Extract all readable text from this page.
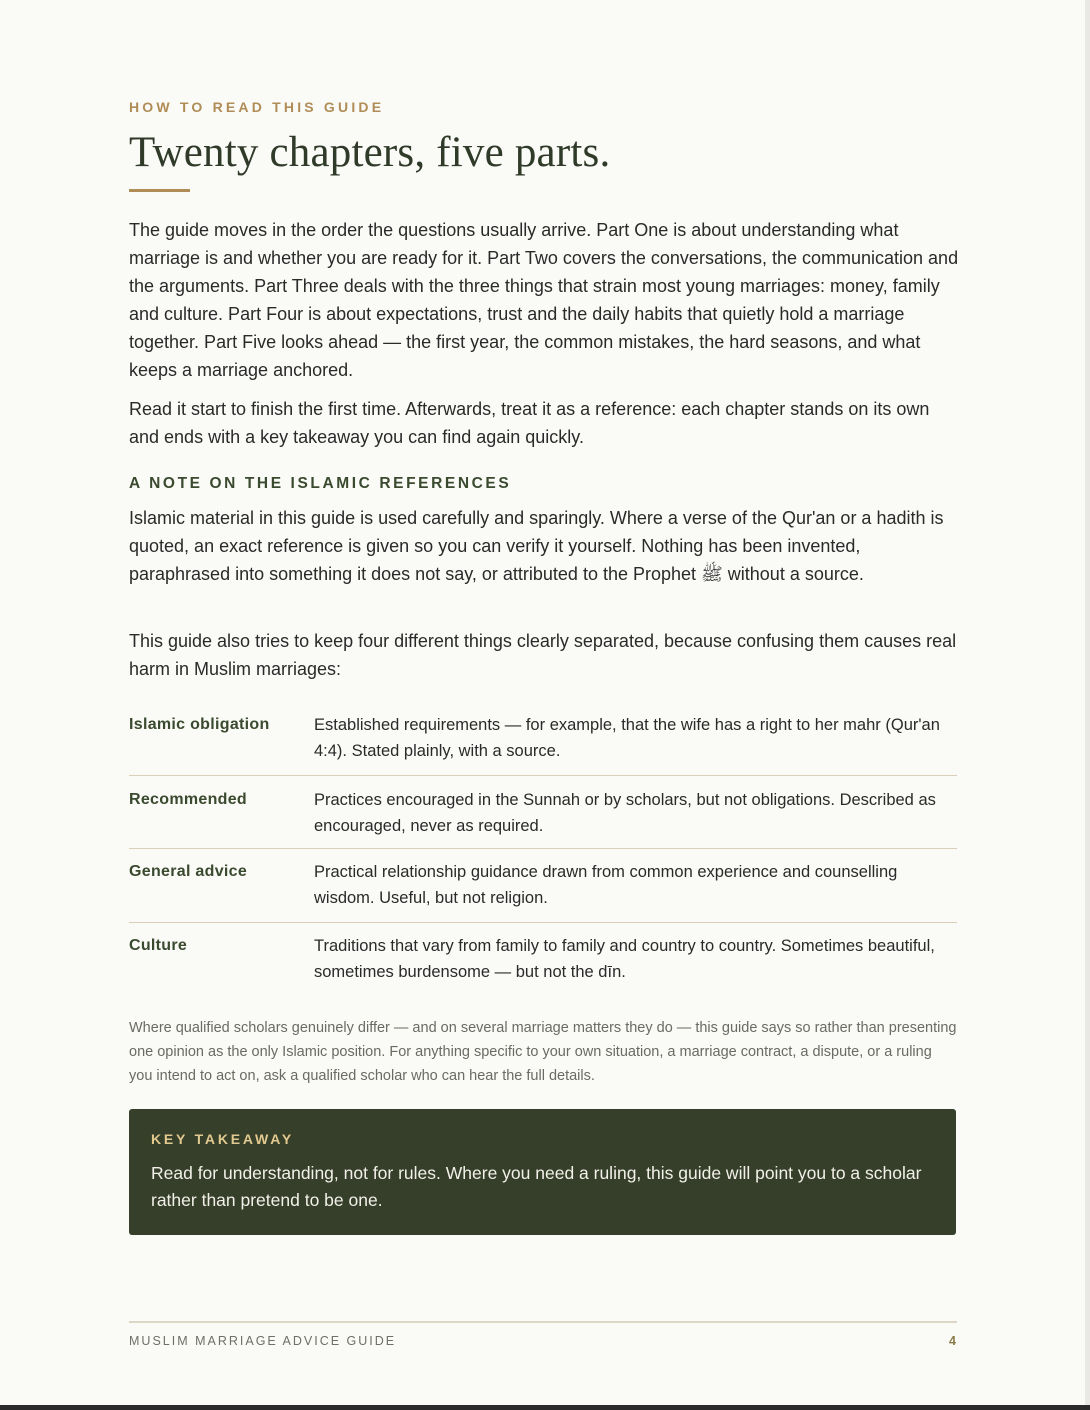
HOW TO READ THIS GUIDE
Twenty chapters, five parts.

The guide moves in the order the questions usually arrive. Part One is about understanding what marriage is and whether you are ready for it. Part Two covers the conversations, the communication and the arguments. Part Three deals with the three things that strain most young marriages: money, family and culture. Part Four is about expectations, trust and the daily habits that quietly hold a marriage together. Part Five looks ahead — the first year, the common mistakes, the hard seasons, and what keeps a marriage anchored.

Read it start to finish the first time. Afterwards, treat it as a reference: each chapter stands on its own and ends with a key takeaway you can find again quickly.

A NOTE ON THE ISLAMIC REFERENCES

Islamic material in this guide is used carefully and sparingly. Where a verse of the Qur'an or a hadith is quoted, an exact reference is given so you can verify it yourself. Nothing has been invented, paraphrased into something it does not say, or attributed to the Prophet ﷺ without a source.

This guide also tries to keep four different things clearly separated, because confusing them causes real harm in Muslim marriages:

Islamic obligation	Established requirements — for example, that the wife has a right to her mahr (Qur'an 4:4). Stated plainly, with a source.
Recommended	Practices encouraged in the Sunnah or by scholars, but not obligations. Described as encouraged, never as required.
General advice	Practical relationship guidance drawn from common experience and counselling wisdom. Useful, but not religion.
Culture	Traditions that vary from family to family and country to country. Sometimes beautiful, sometimes burdensome — but not the dīn.

Where qualified scholars genuinely differ — and on several marriage matters they do — this guide says so rather than presenting one opinion as the only Islamic position. For anything specific to your own situation, a marriage contract, a dispute, or a ruling you intend to act on, ask a qualified scholar who can hear the full details.

KEY TAKEAWAY

Read for understanding, not for rules. Where you need a ruling, this guide will point you to a scholar rather than pretend to be one.

MUSLIM MARRIAGE ADVICE GUIDE	4
